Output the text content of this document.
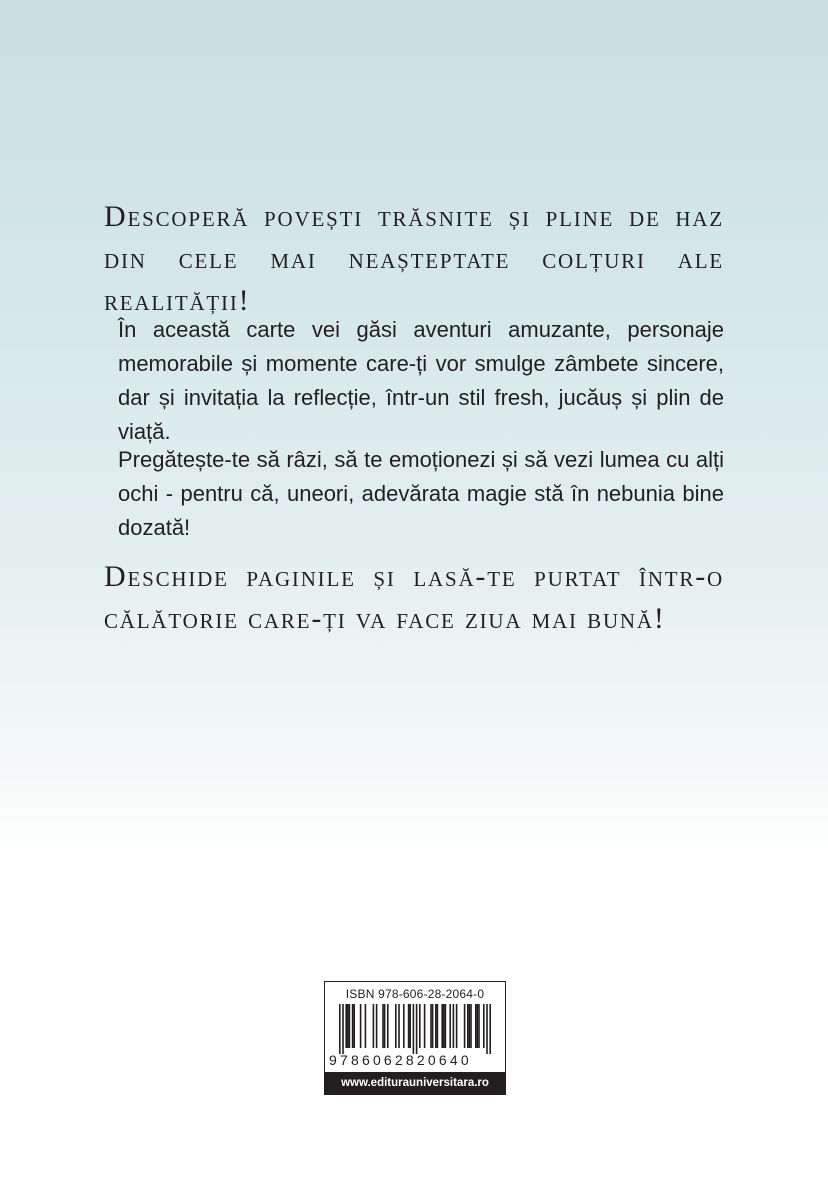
Descoperă povești trăsnite și pline de haz din cele mai neașteptate colțuri ale realității!

În această carte vei găsi aventuri amuzante, personaje memorabile și momente care-ți vor smulge zâmbete sincere, dar și invitația la reflecție, într-un stil fresh, jucăuș și plin de viață.

Pregătește-te să râzi, să te emoționezi și să vezi lumea cu alți ochi - pentru că, uneori, adevărata magie stă în nebunia bine dozată!

Deschide paginile și lasă-te purtat într-o călătorie care-ți va face ziua mai bună!
ISBN 978-606-28-2064-0
9786062820640
www.editurauniversitara.ro
